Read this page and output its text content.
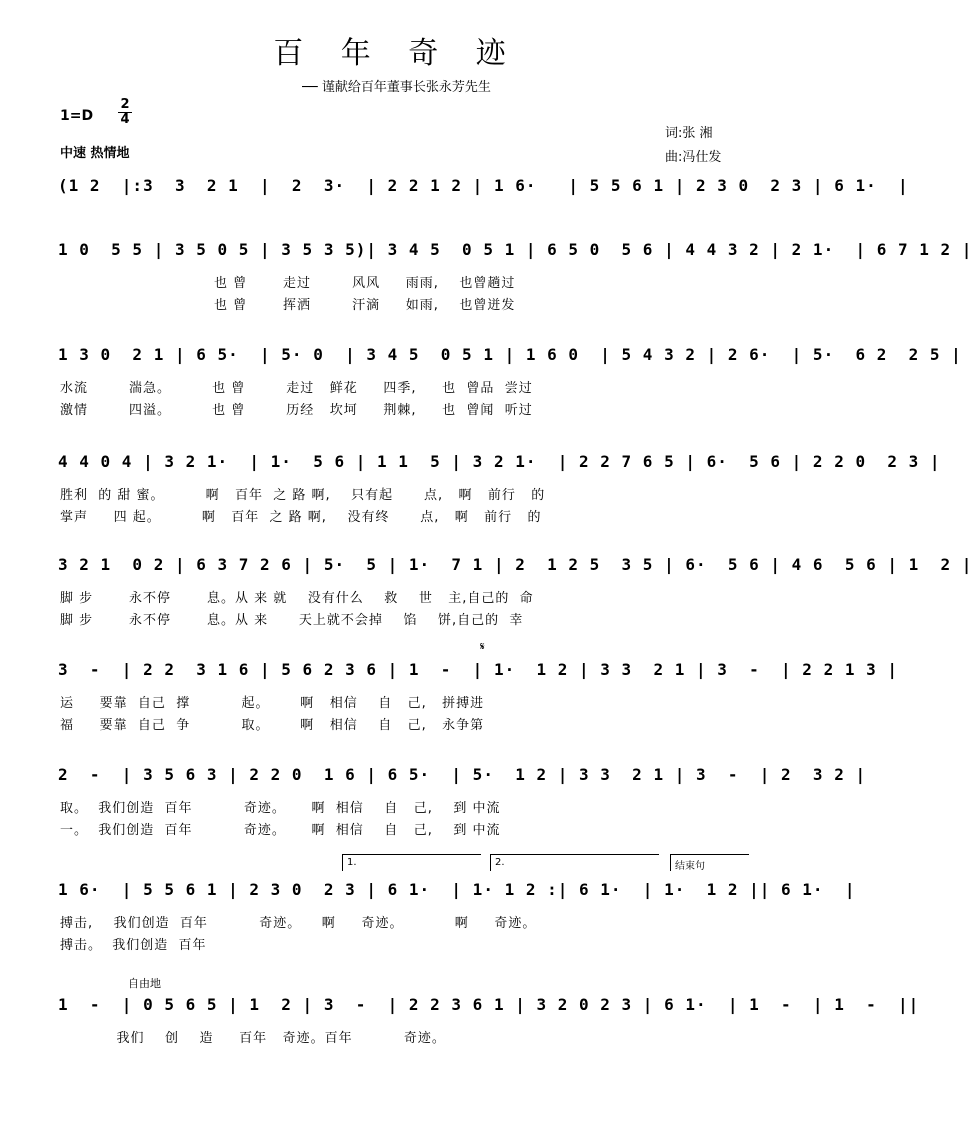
百 年 奇 迹
── 谨献给百年董事长张永芳先生
1=D
2
4
中速 热情地
词:张 湘
曲:冯仕发
(1 2  |:3  3  2 1  |  2  3·  | 2 2 1 2 | 1 6·   | 5 5 6 1 | 2 3 0  2 3 | 6 1·  |
1 0  5 5 | 3 5 0 5 | 3 5 3 5)| 3 4 5  0 5 1 | 6 5 0  5 6 | 4 4 3 2 | 2 1·  | 6 7 1 2 |
也 曾       走过        风风     雨雨,    也曾趟过
也 曾       挥洒        汗滴     如雨,    也曾迸发
1 3 0  2 1 | 6 5·  | 5· 0  | 3 4 5  0 5 1 | 1 6 0  | 5 4 3 2 | 2 6·  | 5·  6 2  2 5 |
水流        湍急。        也 曾        走过   鲜花     四季,     也  曾品  尝过
激情        四溢。        也 曾        历经   坎坷     荆棘,     也  曾闻  听过
4 4 0 4 | 3 2 1·  | 1·  5 6 | 1 1  5 | 3 2 1·  | 2 2 7 6 5 | 6·  5 6 | 2 2 0  2 3 |
胜利  的 甜 蜜。        啊   百年  之 路 啊,    只有起      点,   啊   前行   的
掌声     四 起。        啊   百年  之 路 啊,    没有终      点,   啊   前行   的
3 2 1  0 2 | 6 3 7 2 6 | 5·  5 | 1·  7 1 | 2  1 2 5  3 5 | 6·  5 6 | 4 6  5 6 | 1  2 |
脚 步       永不停       息。从 来 就    没有什么    救    世   主,自己的  命
脚 步       永不停       息。从 来      天上就不会掉    馅    饼,自己的  幸
3  -  | 2 2  3 1 6 | 5 6 2 3 6 | 1  -  | 1·  1 2 | 3 3  2 1 | 3  -  | 2 2 1 3 |
运     要靠  自己  撑          起。      啊   相信    自   己,   拼搏进
福     要靠  自己  争          取。      啊   相信    自   己,   永争第
2  -  | 3 5 6 3 | 2 2 0  1 6 | 6 5·  | 5·  1 2 | 3 3  2 1 | 3  -  | 2  3 2 |
取。  我们创造  百年          奇迹。     啊  相信    自   己,    到 中流
一。  我们创造  百年          奇迹。     啊  相信    自   己,    到 中流
1 6·  | 5 5 6 1 | 2 3 0  2 3 | 6 1·  | 1· 1 2 :| 6 1·  | 1·  1 2 || 6 1·  |
搏击,    我们创造  百年          奇迹。    啊     奇迹。          啊     奇迹。
搏击。  我们创造  百年
1  -  | 0 5 6 5 | 1  2 | 3  -  | 2 2 3 6 1 | 3 2 0 2 3 | 6 1·  | 1  -  | 1  -  ||
我们    创    造     百年   奇迹。百年          奇迹。
𝄋
自由地
1.	2.	结束句
